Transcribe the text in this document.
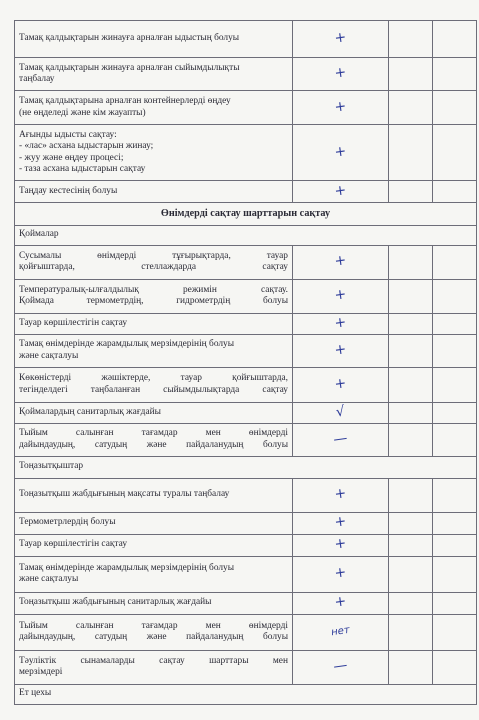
Тамақ қалдықтарын жинауға арналған ыдыстың болуы	+		

Тамақ қалдықтарын жинауға арналған сыйымдылықты
таңбалау	+		

Тамақ қалдықтарына арналған контейнерлерді өңдеу
(не өңделеді және кім жауапты)	+		

Ағынды ыдысты сақтау:
- «лас» асхана ыдыстарын жинау;
- жуу және өңдеу процесі;
- таза асхана ыдыстарын сақтау	+		

Таңдау кестесінің болуы	+		

Өнімдерді сақтау шарттарын сақтау			
Қоймалар			
Сусымалы өнімдерді тұғырықтарда, тауар
қойғыштарда, стеллаждарда сақтау	+		

Температуралық-ылғалдылық режимін сақтау.
Қоймада термометрдің, гидрометрдің болуы	+		

Тауар көршілестігін сақтау	+		

Тамақ өнімдерінде жарамдылық мерзімдерінің болуы
және сақталуы	+		

Көкөністерді жәшіктерде, тауар қойғыштарда,
тегінделдегі таңбаланған сыйымдылықтарда сақтау	+		

Қоймалардың санитарлық жағдайы	√		

Тыйым салынған тағамдар мен өнімдерді
дайындаудың, сатудың және пайдаланудың болуы	—		

Тоңазытқыштар			
Тоңазытқыш жабдығының мақсаты туралы таңбалау	+		

Термометрлердің болуы	+		

Тауар көршілестігін сақтау	+		

Тамақ өнімдерінде жарамдылық мерзімдерінің болуы
және сақталуы	+		

Тоңазытқыш жабдығының санитарлық жағдайы	+		

Тыйым салынған тағамдар мен өнімдерді
дайындаудың, сатудың және пайдаланудың болуы	нет		

Тәуліктік сынамаларды сақтау шарттары мен
мерзімдері	—		

Ет цехы			
